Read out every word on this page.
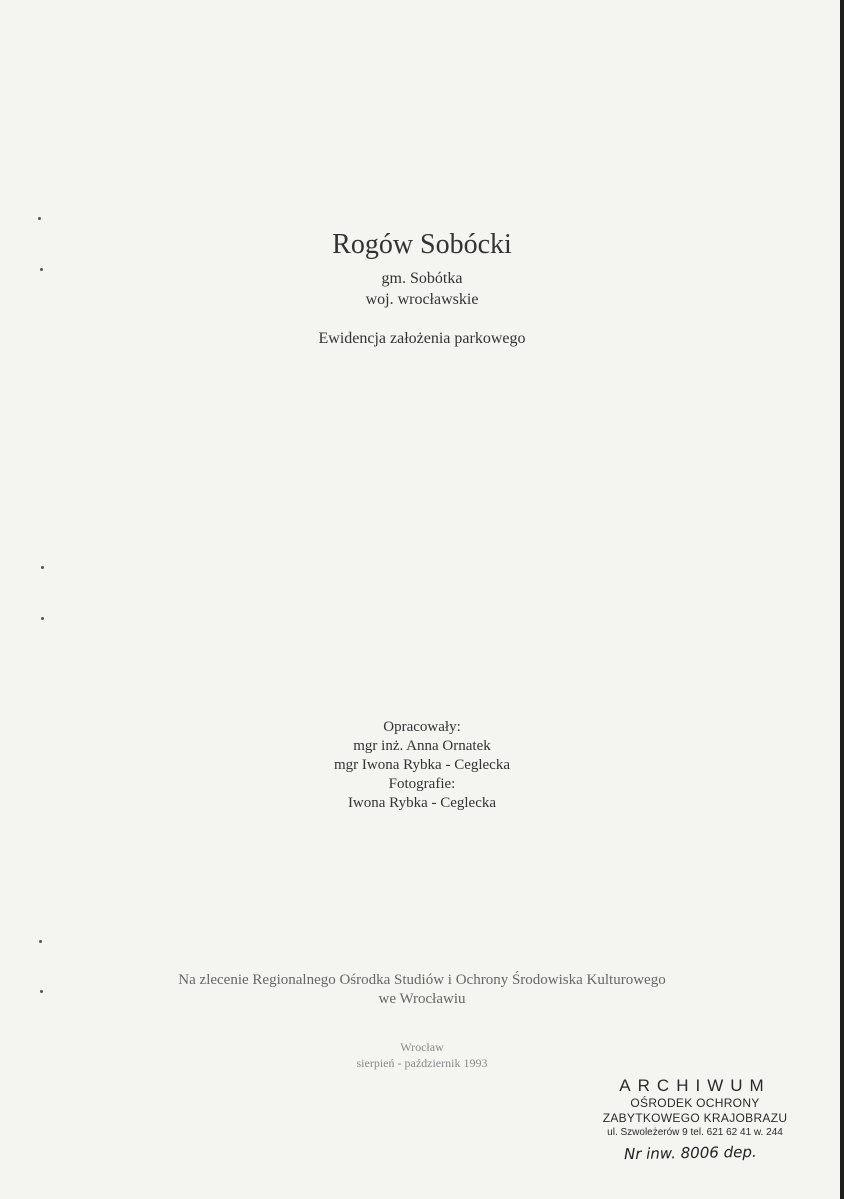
Rogów Sobócki
gm. Sobótka
woj. wrocławskie
Ewidencja założenia parkowego
Opracowały:
mgr inż. Anna Ornatek
mgr Iwona Rybka - Ceglecka
Fotografie:
Iwona Rybka - Ceglecka
Na zlecenie Regionalnego Ośrodka Studiów i Ochrony Środowiska Kulturowego
we Wrocławiu
Wrocław
sierpień - październik 1993
ARCHIWUM
OŚRODEK OCHRONY
ZABYTKOWEGO KRAJOBRAZU
ul. Szwoleżerów 9 tel. 621 62 41 w. 244
Nr inw. 8006 dep.
